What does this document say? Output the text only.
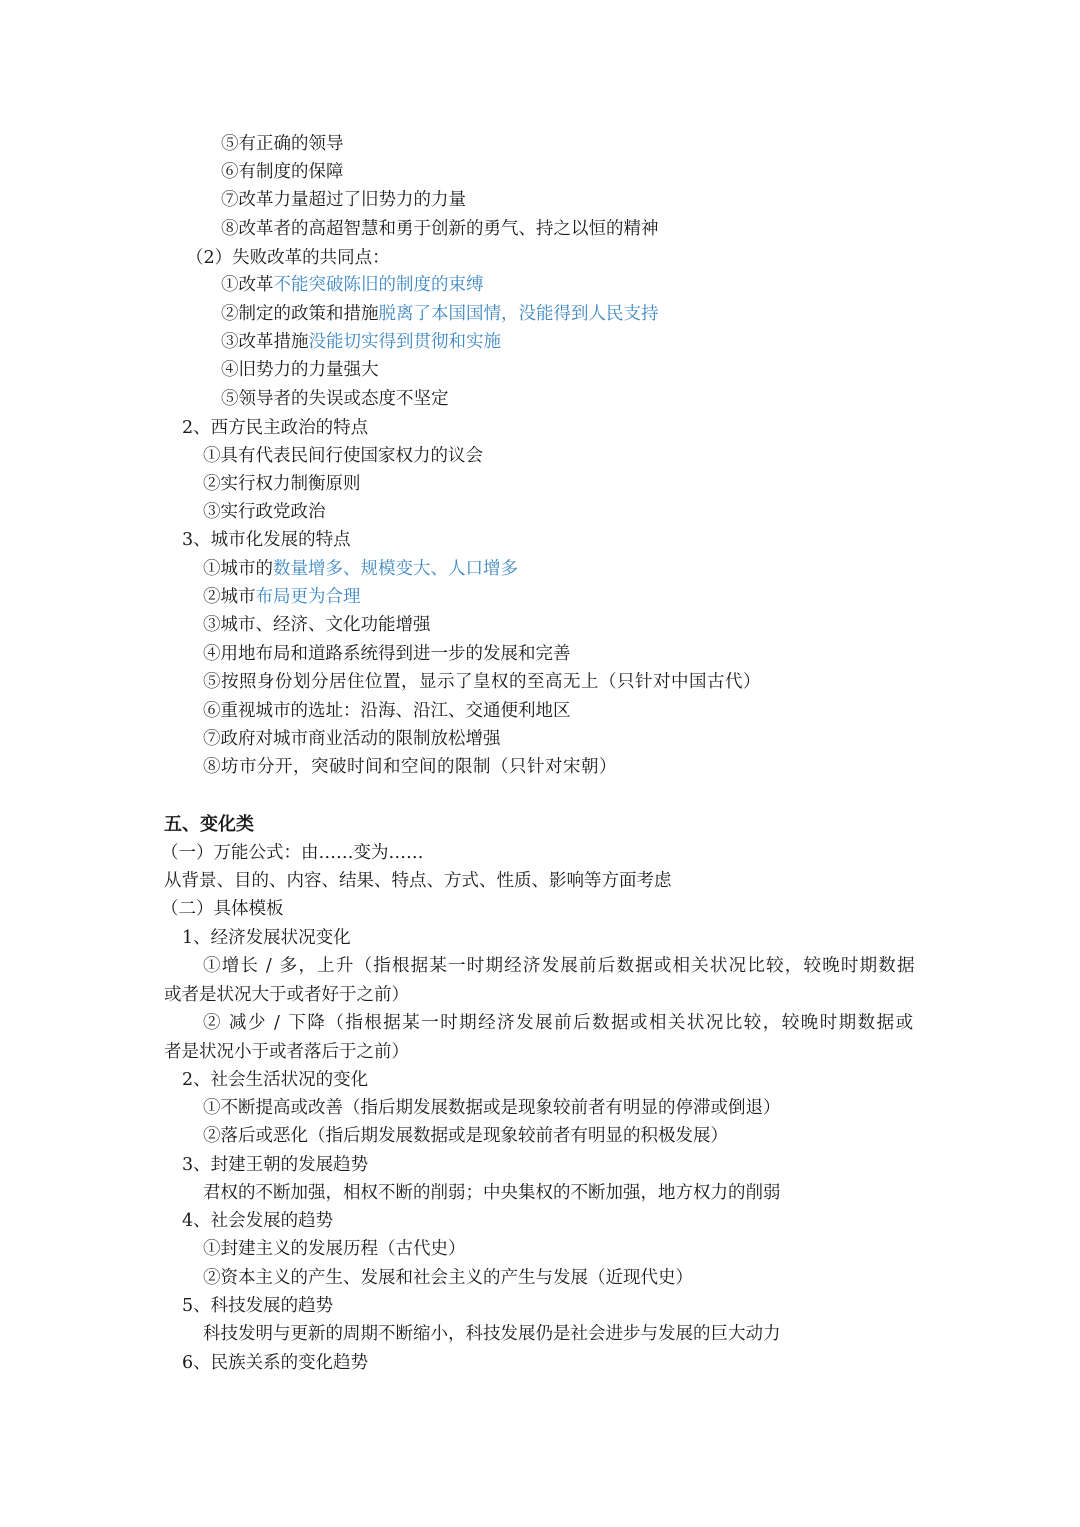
⑤有正确的领导
⑥有制度的保障
⑦改革力量超过了旧势力的力量
⑧改革者的高超智慧和勇于创新的勇气、持之以恒的精神
（2）失败改革的共同点：
①改革不能突破陈旧的制度的束缚
②制定的政策和措施脱离了本国国情，没能得到人民支持
③改革措施没能切实得到贯彻和实施
④旧势力的力量强大
⑤领导者的失误或态度不坚定
2、西方民主政治的特点
①具有代表民间行使国家权力的议会
②实行权力制衡原则
③实行政党政治
3、城市化发展的特点
①城市的数量增多、规模变大、人口增多
②城市布局更为合理
③城市、经济、文化功能增强
④用地布局和道路系统得到进一步的发展和完善
⑤按照身份划分居住位置，显示了皇权的至高无上（只针对中国古代）
⑥重视城市的选址：沿海、沿江、交通便利地区
⑦政府对城市商业活动的限制放松增强
⑧坊市分开，突破时间和空间的限制（只针对宋朝）
五、变化类
（一）万能公式：由……变为……
从背景、目的、内容、结果、特点、方式、性质、影响等方面考虑
（二）具体模板
1、经济发展状况变化
①增长 / 多，上升（指根据某一时期经济发展前后数据或相关状况比较，较晚时期数据
或者是状况大于或者好于之前）
② 减少 / 下降（指根据某一时期经济发展前后数据或相关状况比较，较晚时期数据或
者是状况小于或者落后于之前）
2、社会生活状况的变化
①不断提高或改善（指后期发展数据或是现象较前者有明显的停滞或倒退）
②落后或恶化（指后期发展数据或是现象较前者有明显的积极发展）
3、封建王朝的发展趋势
君权的不断加强，相权不断的削弱；中央集权的不断加强，地方权力的削弱
4、社会发展的趋势
①封建主义的发展历程（古代史）
②资本主义的产生、发展和社会主义的产生与发展（近现代史）
5、科技发展的趋势
科技发明与更新的周期不断缩小，科技发展仍是社会进步与发展的巨大动力
6、民族关系的变化趋势
